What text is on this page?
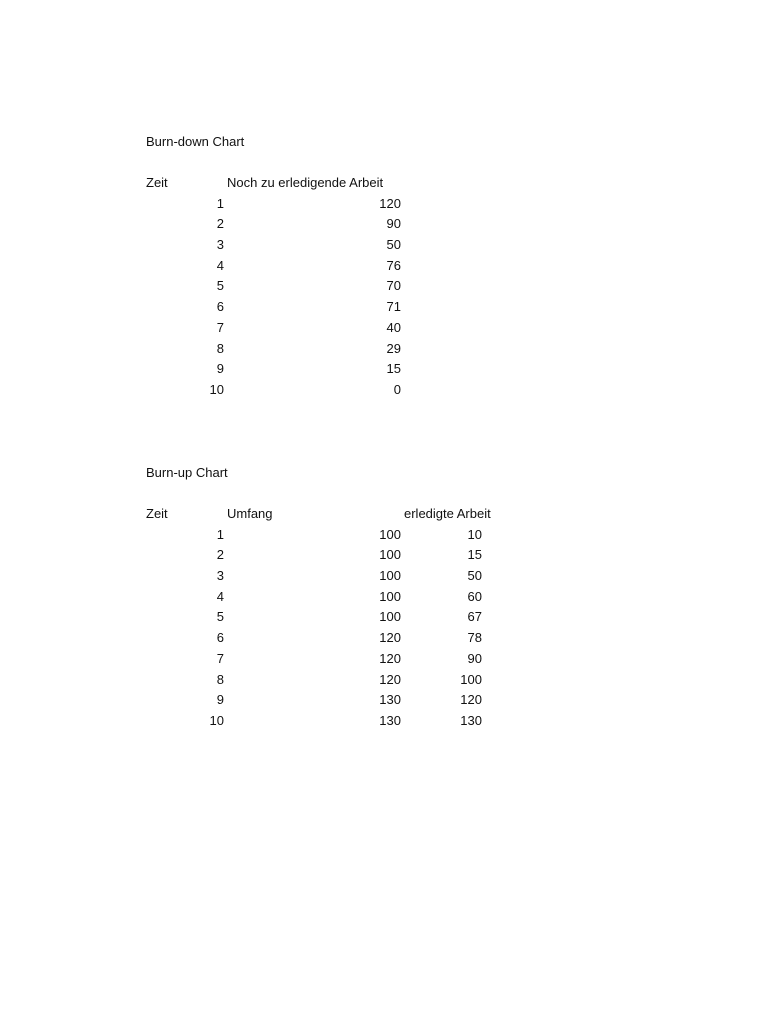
Burn-down Chart
Zeit	Noch zu erledigende Arbeit
1	120
2	90
3	50
4	76
5	70
6	71
7	40
8	29
9	15
10	0
Burn-up Chart
Zeit	Umfang	erledigte Arbeit
1	100	10
2	100	15
3	100	50
4	100	60
5	100	67
6	120	78
7	120	90
8	120	100
9	130	120
10	130	130
